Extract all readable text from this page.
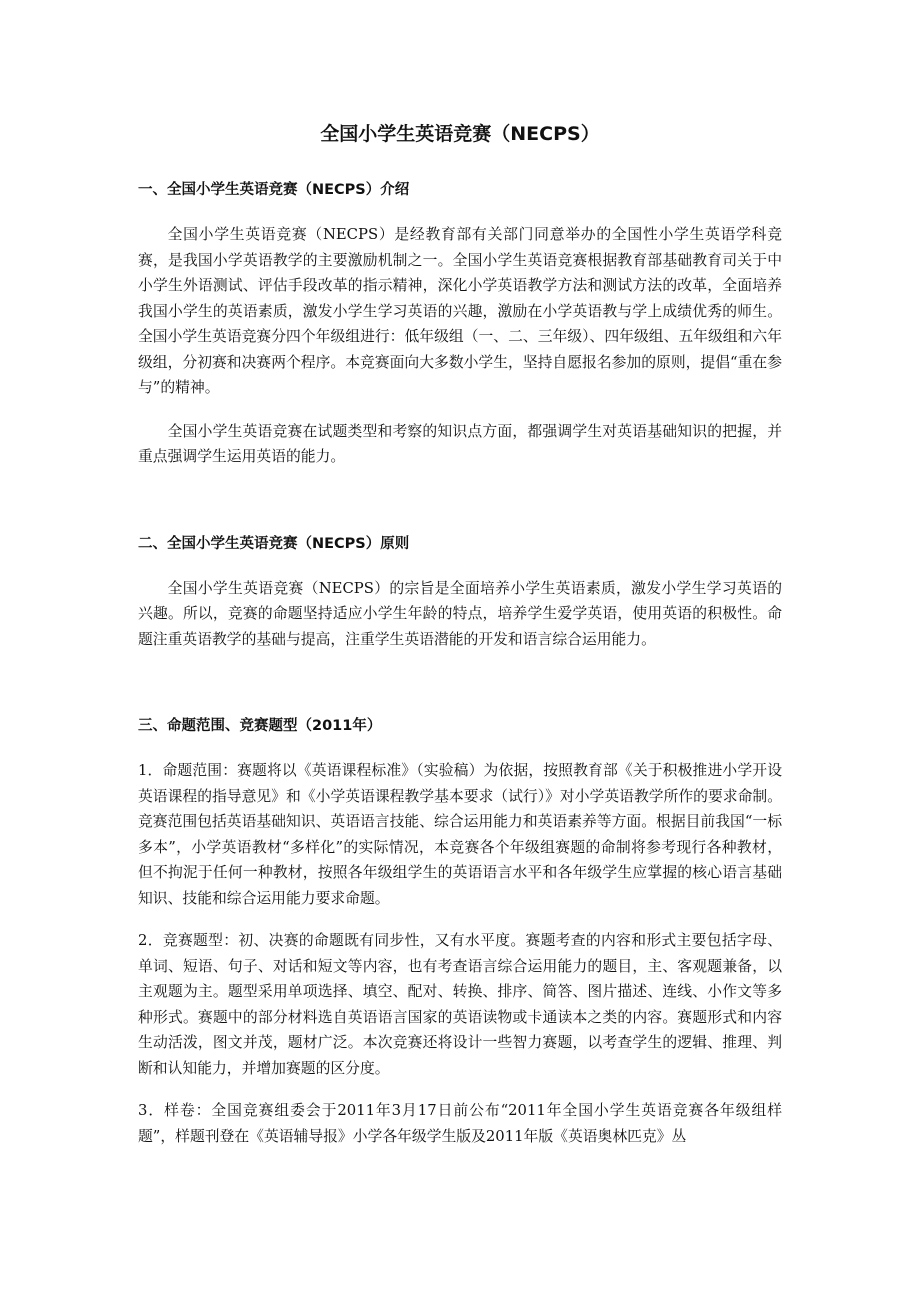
全国小学生英语竞赛（NECPS）
一、全国小学生英语竞赛（NECPS）介绍

全国小学生英语竞赛（NECPS）是经教育部有关部门同意举办的全国性小学生英语学科竞赛，是我国小学英语教学的主要激励机制之一。全国小学生英语竞赛根据教育部基础教育司关于中小学生外语测试、评估手段改革的指示精神，深化小学英语教学方法和测试方法的改革，全面培养我国小学生的英语素质，激发小学生学习英语的兴趣，激励在小学英语教与学上成绩优秀的师生。全国小学生英语竞赛分四个年级组进行：低年级组（一、二、三年级）、四年级组、五年级组和六年级组，分初赛和决赛两个程序。本竞赛面向大多数小学生，坚持自愿报名参加的原则，提倡“重在参与”的精神。

全国小学生英语竞赛在试题类型和考察的知识点方面，都强调学生对英语基础知识的把握，并重点强调学生运用英语的能力。

二、全国小学生英语竞赛（NECPS）原则

全国小学生英语竞赛（NECPS）的宗旨是全面培养小学生英语素质，激发小学生学习英语的兴趣。所以，竞赛的命题坚持适应小学生年龄的特点，培养学生爱学英语，使用英语的积极性。命题注重英语教学的基础与提高，注重学生英语潜能的开发和语言综合运用能力。

三、命题范围、竞赛题型（2011年）

1．命题范围：赛题将以《英语课程标准》（实验稿）为依据，按照教育部《关于积极推进小学开设英语课程的指导意见》和《小学英语课程教学基本要求（试行）》对小学英语教学所作的要求命制。竞赛范围包括英语基础知识、英语语言技能、综合运用能力和英语素养等方面。根据目前我国“一标多本”，小学英语教材“多样化”的实际情况，本竞赛各个年级组赛题的命制将参考现行各种教材，但不拘泥于任何一种教材，按照各年级组学生的英语语言水平和各年级学生应掌握的核心语言基础知识、技能和综合运用能力要求命题。

2．竞赛题型：初、决赛的命题既有同步性，又有水平度。赛题考查的内容和形式主要包括字母、单词、短语、句子、对话和短文等内容，也有考查语言综合运用能力的题目，主、客观题兼备，以主观题为主。题型采用单项选择、填空、配对、转换、排序、简答、图片描述、连线、小作文等多种形式。赛题中的部分材料选自英语语言国家的英语读物或卡通读本之类的内容。赛题形式和内容生动活泼，图文并茂，题材广泛。本次竞赛还将设计一些智力赛题，以考查学生的逻辑、推理、判断和认知能力，并增加赛题的区分度。

3．样卷：全国竞赛组委会于2011年3月17日前公布“2011年全国小学生英语竞赛各年级组样题”，样题刊登在《英语辅导报》小学各年级学生版及2011年版《英语奥林匹克》丛
